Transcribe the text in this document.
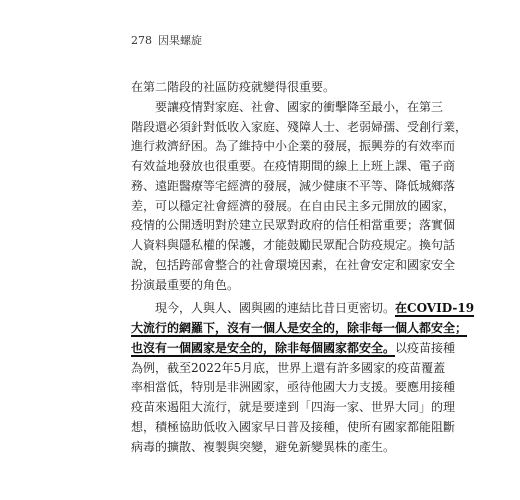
278 因果螺旋
在第二階段的社區防疫就變得很重要。
要讓疫情對家庭、社會、國家的衝擊降至最小，在第三
階段還必須針對低收入家庭、殘障人士、老弱婦孺、受創行業，
進行救濟紓困。為了維持中小企業的發展，振興券的有效率而
有效益地發放也很重要。在疫情期間的線上上班上課、電子商
務、遠距醫療等宅經濟的發展，減少健康不平等、降低城鄉落
差，可以穩定社會經濟的發展。在自由民主多元開放的國家，
疫情的公開透明對於建立民眾對政府的信任相當重要；落實個
人資料與隱私權的保護，才能鼓勵民眾配合防疫規定。換句話
說，包括跨部會整合的社會環境因素，在社會安定和國家安全
扮演最重要的角色。
現今，人與人、國與國的連結比昔日更密切。在COVID-19
大流行的網羅下，沒有一個人是安全的，除非每一個人都安全；
也沒有一個國家是安全的，除非每個國家都安全。以疫苗接種
為例，截至2022年5月底，世界上還有許多國家的疫苗覆蓋
率相當低，特別是非洲國家，亟待他國大力支援。要應用接種
疫苗來遏阻大流行，就是要達到「四海一家、世界大同」的理
想，積極協助低收入國家早日普及接種，使所有國家都能阻斷
病毒的擴散、複製與突變，避免新變異株的產生。
